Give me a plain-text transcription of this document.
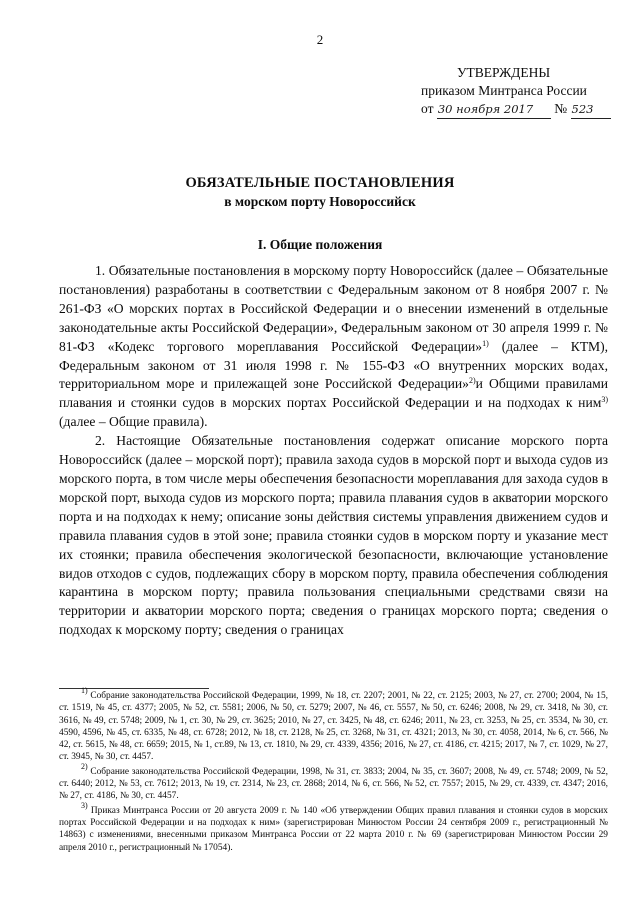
2
УТВЕРЖДЕНЫ
приказом Минтранса России
от 30 ноября 2017 № 523
ОБЯЗАТЕЛЬНЫЕ ПОСТАНОВЛЕНИЯ
в морском порту Новороссийск
I. Общие положения

1. Обязательные постановления в морскому порту Новороссийск (далее – Обязательные постановления) разработаны в соответствии с Федеральным законом от 8 ноября 2007 г. № 261-ФЗ «О морских портах в Российской Федерации и о внесении изменений в отдельные законодательные акты Российской Федерации», Федеральным законом от 30 апреля 1999 г. № 81-ФЗ «Кодекс торгового мореплавания Российской Федерации»$^{1)}$ (далее – КТМ), Федеральным законом от 31 июля 1998 г. № 155-ФЗ «О внутренних морских водах, территориальном море и прилежащей зоне Российской Федерации»$^{2)}$и Общими правилами плавания и стоянки судов в морских портах Российской Федерации и на подходах к ним$^{3)}$ (далее – Общие правила).

2. Настоящие Обязательные постановления содержат описание морского порта Новороссийск (далее – морской порт); правила захода судов в морской порт и выхода судов из морского порта, в том числе меры обеспечения безопасности мореплавания для захода судов в морской порт, выхода судов из морского порта; правила плавания судов в акватории морского порта и на подходах к нему; описание зоны действия системы управления движением судов и правила плавания судов в этой зоне; правила стоянки судов в морском порту и указание мест их стоянки; правила обеспечения экологической безопасности, включающие установление видов отходов с судов, подлежащих сбору в морском порту, правила обеспечения соблюдения карантина в морском порту; правила пользования специальными средствами связи на территории и акватории морского порта; сведения о границах морского порта; сведения о подходах к морскому порту; сведения о границах

$^{1)}$ Собрание законодательства Российской Федерации, 1999, № 18, ст. 2207; 2001, № 22, ст. 2125; 2003, № 27, ст. 2700; 2004, № 15, ст. 1519, № 45, ст. 4377; 2005, № 52, ст. 5581; 2006, № 50, ст. 5279; 2007, № 46, ст. 5557, № 50, ст. 6246; 2008, № 29, ст. 3418, № 30, ст. 3616, № 49, ст. 5748; 2009, № 1, ст. 30, № 29, ст. 3625; 2010, № 27, ст. 3425, № 48, ст. 6246; 2011, № 23, ст. 3253, № 25, ст. 3534, № 30, ст. 4590, 4596, № 45, ст. 6335, № 48, ст. 6728; 2012, № 18, ст. 2128, № 25, ст. 3268, № 31, ст. 4321; 2013, № 30, ст. 4058, 2014, № 6, ст. 566, № 42, ст. 5615, № 48, ст. 6659; 2015, № 1, ст.89, № 13, ст. 1810, № 29, ст. 4339, 4356; 2016, № 27, ст. 4186, ст. 4215; 2017, № 7, ст. 1029, № 27, ст. 3945, № 30, ст. 4457.

$^{2)}$ Собрание законодательства Российской Федерации, 1998, № 31, ст. 3833; 2004, № 35, ст. 3607; 2008, № 49, ст. 5748; 2009, № 52, ст. 6440; 2012, № 53, ст. 7612; 2013, № 19, ст. 2314, № 23, ст. 2868; 2014, № 6, ст. 566, № 52, ст. 7557; 2015, № 29, ст. 4339, ст. 4347; 2016, № 27, ст. 4186, № 30, ст. 4457.

$^{3)}$ Приказ Минтранса России от 20 августа 2009 г. № 140 «Об утверждении Общих правил плавания и стоянки судов в морских портах Российской Федерации и на подходах к ним» (зарегистрирован Минюстом России 24 сентября 2009 г., регистрационный № 14863) с изменениями, внесенными приказом Минтранса России от 22 марта 2010 г. № 69 (зарегистрирован Минюстом России 29 апреля 2010 г., регистрационный № 17054).
